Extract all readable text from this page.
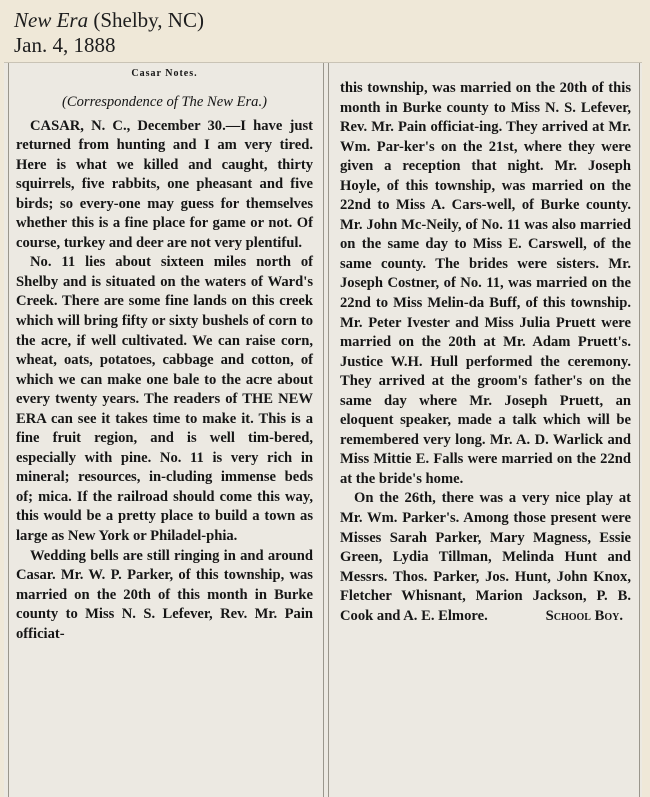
New Era (Shelby, NC)
Jan. 4, 1888
Casar Notes.
(Correspondence of The New Era.)

CASAR, N. C., December 30.—I have just returned from hunting and I am very tired. Here is what we killed and caught, thirty squirrels, five rabbits, one pheasant and five birds; so every-one may guess for themselves whether this is a fine place for game or not. Of course, turkey and deer are not very plentiful.

No. 11 lies about sixteen miles north of Shelby and is situated on the waters of Ward's Creek. There are some fine lands on this creek which will bring fifty or sixty bushels of corn to the acre, if well cultivated. We can raise corn, wheat, oats, potatoes, cabbage and cotton, of which we can make one bale to the acre about every twenty years. The readers of THE NEW ERA can see it takes time to make it. This is a fine fruit region, and is well tim-bered, especially with pine. No. 11 is very rich in mineral; resources, in-cluding immense beds of; mica. If the railroad should come this way, this would be a pretty place to build a town as large as New York or Philadel-phia.

Wedding bells are still ringing in and around Casar. Mr. W. P. Parker, of this township, was married on the 20th of this month in Burke county to Miss N. S. Lefever, Rev. Mr. Pain officiat-

this township, was married on the 20th of this month in Burke county to Miss N. S. Lefever, Rev. Mr. Pain officiat-ing. They arrived at Mr. Wm. Par-ker's on the 21st, where they were given a reception that night. Mr. Joseph Hoyle, of this township, was married on the 22nd to Miss A. Cars-well, of Burke county. Mr. John Mc-Neily, of No. 11 was also married on the same day to Miss E. Carswell, of the same county. The brides were sisters. Mr. Joseph Costner, of No. 11, was married on the 22nd to Miss Melin-da Buff, of this township. Mr. Peter Ivester and Miss Julia Pruett were married on the 20th at Mr. Adam Pruett's. Justice W.H. Hull performed the ceremony. They arrived at the groom's father's on the same day where Mr. Joseph Pruett, an eloquent speaker, made a talk which will be remembered very long. Mr. A. D. Warlick and Miss Mittie E. Falls were married on the 22nd at the bride's home.

On the 26th, there was a very nice play at Mr. Wm. Parker's. Among those present were Misses Sarah Parker, Mary Magness, Essie Green, Lydia Tillman, Melinda Hunt and Messrs. Thos. Parker, Jos. Hunt, John Knox, Fletcher Whisnant, Marion Jackson, P. B. Cook and A. E. Elmore.	School Boy.
